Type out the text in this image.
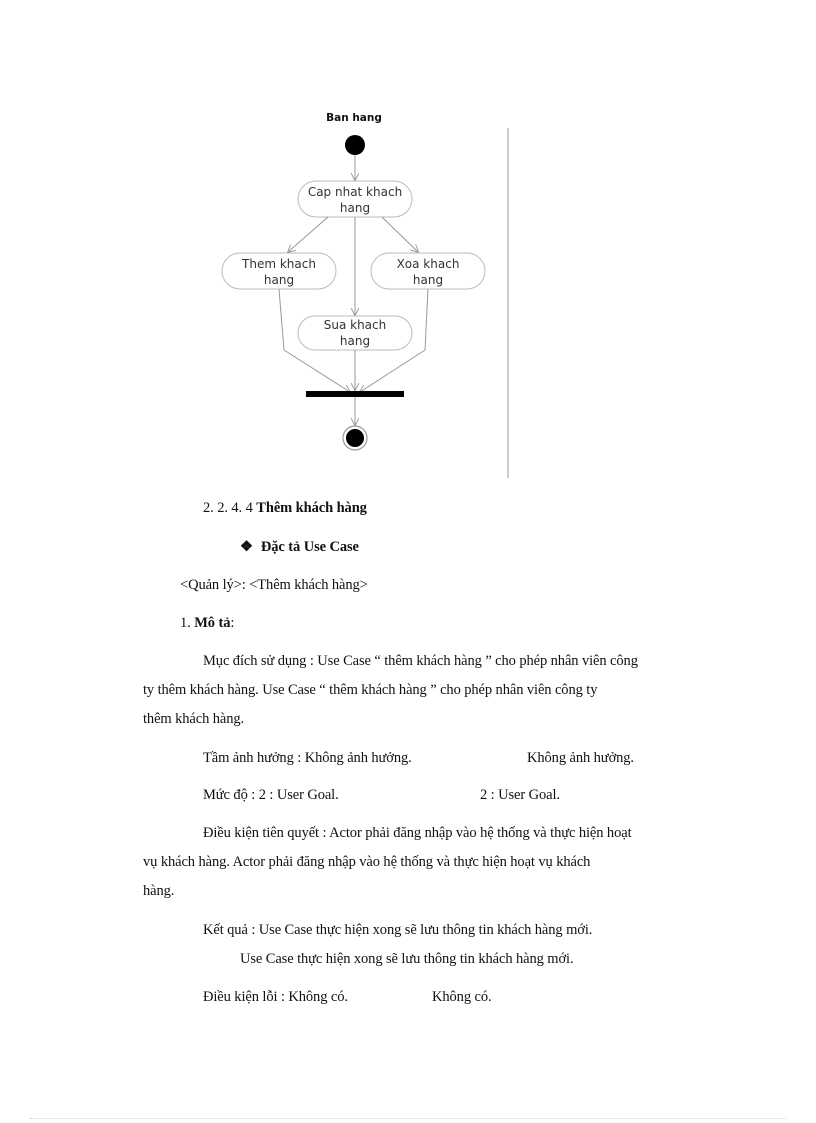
Ban hang
Cap nhat khach
hang
Them khach
hang
Xoa khach
hang
Sua khach
hang
2. 2. 4. 4 Thêm khách hàng
❖ Đặc tả Use Case
<Quản lý>: <Thêm khách hàng>
1. Mô tả:
Mục đích sử dụng : Use Case “ thêm khách hàng ” cho phép nhân viên công
ty thêm khách hàng. Use Case “ thêm khách hàng ” cho phép nhân viên công ty
thêm khách hàng.
Tầm ảnh hưởng : Không ảnh hưởng.	Không ảnh hưởng.
Mức độ : 2 : User Goal.	2 : User Goal.
Điều kiện tiên quyết : Actor phải đăng nhập vào hệ thống và thực hiện hoạt
vụ khách hàng. Actor phải đăng nhập vào hệ thống và thực hiện hoạt vụ khách
hàng.
Kết quả : Use Case thực hiện xong sẽ lưu thông tin khách hàng mới.
Use Case thực hiện xong sẽ lưu thông tin khách hàng mới.
Điều kiện lỗi : Không có.	Không có.
